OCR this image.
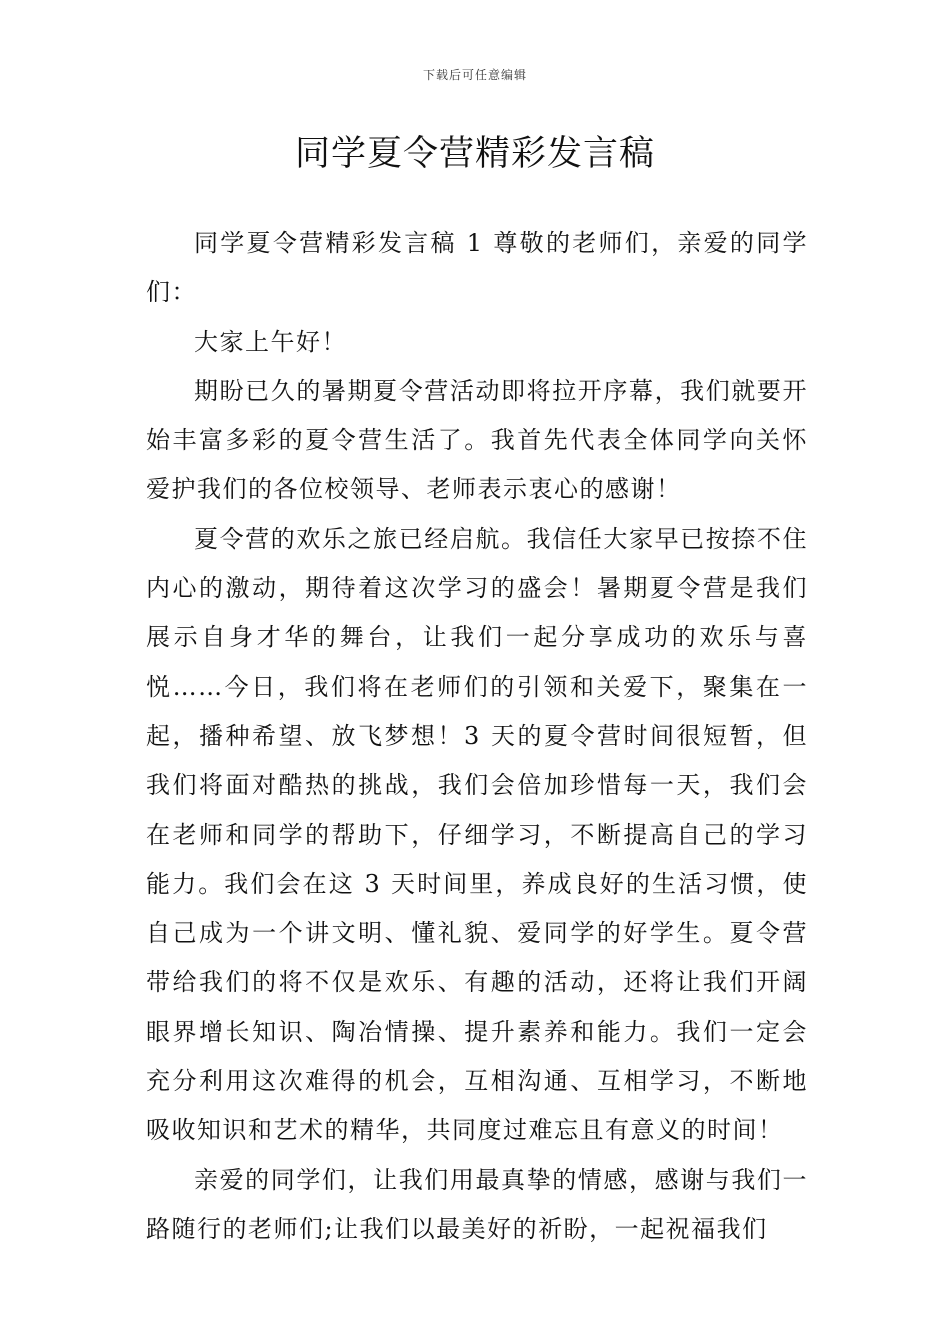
下载后可任意编辑
同学夏令营精彩发言稿

同学夏令营精彩发言稿 1 尊敬的老师们，亲爱的同学们：

大家上午好！

期盼已久的暑期夏令营活动即将拉开序幕，我们就要开始丰富多彩的夏令营生活了。我首先代表全体同学向关怀爱护我们的各位校领导、老师表示衷心的感谢！

夏令营的欢乐之旅已经启航。我信任大家早已按捺不住内心的激动，期待着这次学习的盛会！暑期夏令营是我们展示自身才华的舞台，让我们一起分享成功的欢乐与喜悦……今日，我们将在老师们的引领和关爱下，聚集在一起，播种希望、放飞梦想！3 天的夏令营时间很短暂，但我们将面对酷热的挑战，我们会倍加珍惜每一天，我们会在老师和同学的帮助下，仔细学习，不断提高自己的学习能力。我们会在这 3 天时间里，养成良好的生活习惯，使自己成为一个讲文明、懂礼貌、爱同学的好学生。夏令营带给我们的将不仅是欢乐、有趣的活动，还将让我们开阔眼界增长知识、陶冶情操、提升素养和能力。我们一定会充分利用这次难得的机会，互相沟通、互相学习，不断地吸收知识和艺术的精华，共同度过难忘且有意义的时间！

亲爱的同学们，让我们用最真挚的情感，感谢与我们一路随行的老师们;让我们以最美好的祈盼，一起祝福我们
